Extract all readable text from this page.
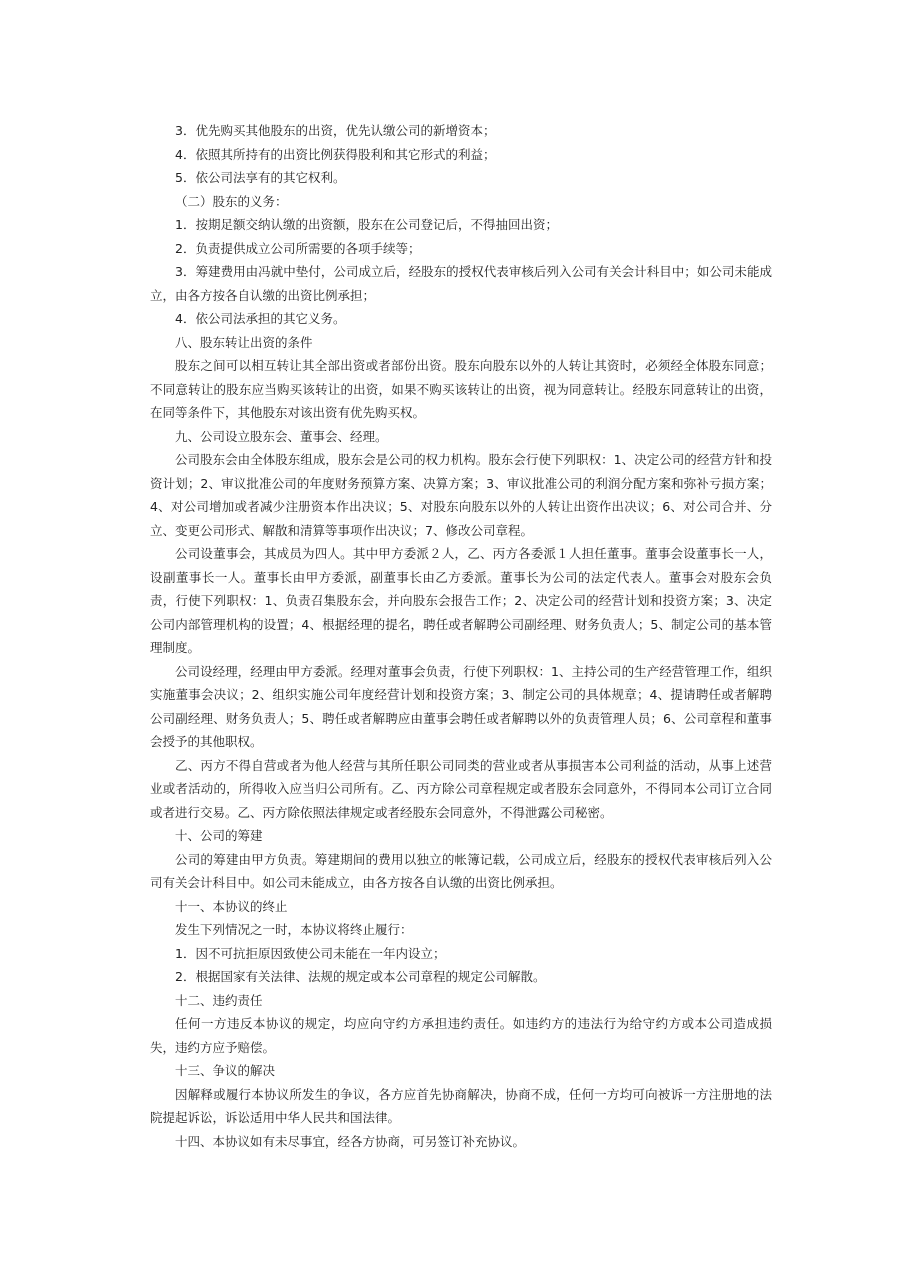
3．优先购买其他股东的出资，优先认缴公司的新增资本；

4．依照其所持有的出资比例获得股利和其它形式的利益；

5．依公司法享有的其它权利。

（二）股东的义务：

1．按期足额交纳认缴的出资额，股东在公司登记后，不得抽回出资；

2．负责提供成立公司所需要的各项手续等；

3．筹建费用由冯就中垫付，公司成立后，经股东的授权代表审核后列入公司有关会计科目中；如公司未能成立，由各方按各自认缴的出资比例承担；

4．依公司法承担的其它义务。

八、股东转让出资的条件

股东之间可以相互转让其全部出资或者部份出资。股东向股东以外的人转让其资时，必须经全体股东同意；不同意转让的股东应当购买该转让的出资，如果不购买该转让的出资，视为同意转让。经股东同意转让的出资，在同等条件下，其他股东对该出资有优先购买权。

九、公司设立股东会、董事会、经理。

公司股东会由全体股东组成，股东会是公司的权力机构。股东会行使下列职权：1、决定公司的经营方针和投资计划；2、审议批准公司的年度财务预算方案、决算方案；3、审议批准公司的利润分配方案和弥补亏损方案；4、对公司增加或者减少注册资本作出决议；5、对股东向股东以外的人转让出资作出决议；6、对公司合并、分立、变更公司形式、解散和清算等事项作出决议；7、修改公司章程。

公司设董事会，其成员为四人。其中甲方委派２人，乙、丙方各委派１人担任董事。董事会设董事长一人，设副董事长一人。董事长由甲方委派，副董事长由乙方委派。董事长为公司的法定代表人。董事会对股东会负责，行使下列职权：1、负责召集股东会，并向股东会报告工作；2、决定公司的经营计划和投资方案；3、决定公司内部管理机构的设置；4、根据经理的提名，聘任或者解聘公司副经理、财务负责人；5、制定公司的基本管理制度。

公司设经理，经理由甲方委派。经理对董事会负责，行使下列职权：1、主持公司的生产经营管理工作，组织实施董事会决议；2、组织实施公司年度经营计划和投资方案；3、制定公司的具体规章；4、提请聘任或者解聘公司副经理、财务负责人；5、聘任或者解聘应由董事会聘任或者解聘以外的负责管理人员；6、公司章程和董事会授予的其他职权。

乙、丙方不得自营或者为他人经营与其所任职公司同类的营业或者从事损害本公司利益的活动，从事上述营业或者活动的，所得收入应当归公司所有。乙、丙方除公司章程规定或者股东会同意外，不得同本公司订立合同或者进行交易。乙、丙方除依照法律规定或者经股东会同意外，不得泄露公司秘密。

十、公司的筹建

公司的筹建由甲方负责。筹建期间的费用以独立的帐簿记载，公司成立后，经股东的授权代表审核后列入公司有关会计科目中。如公司未能成立，由各方按各自认缴的出资比例承担。

十一、本协议的终止

发生下列情况之一时，本协议将终止履行：

1．因不可抗拒原因致使公司未能在一年内设立；

2．根据国家有关法律、法规的规定或本公司章程的规定公司解散。

十二、违约责任

任何一方违反本协议的规定，均应向守约方承担违约责任。如违约方的违法行为给守约方或本公司造成损失，违约方应予赔偿。

十三、争议的解决

因解释或履行本协议所发生的争议，各方应首先协商解决，协商不成，任何一方均可向被诉一方注册地的法院提起诉讼，诉讼适用中华人民共和国法律。

十四、本协议如有未尽事宜，经各方协商，可另签订补充协议。
